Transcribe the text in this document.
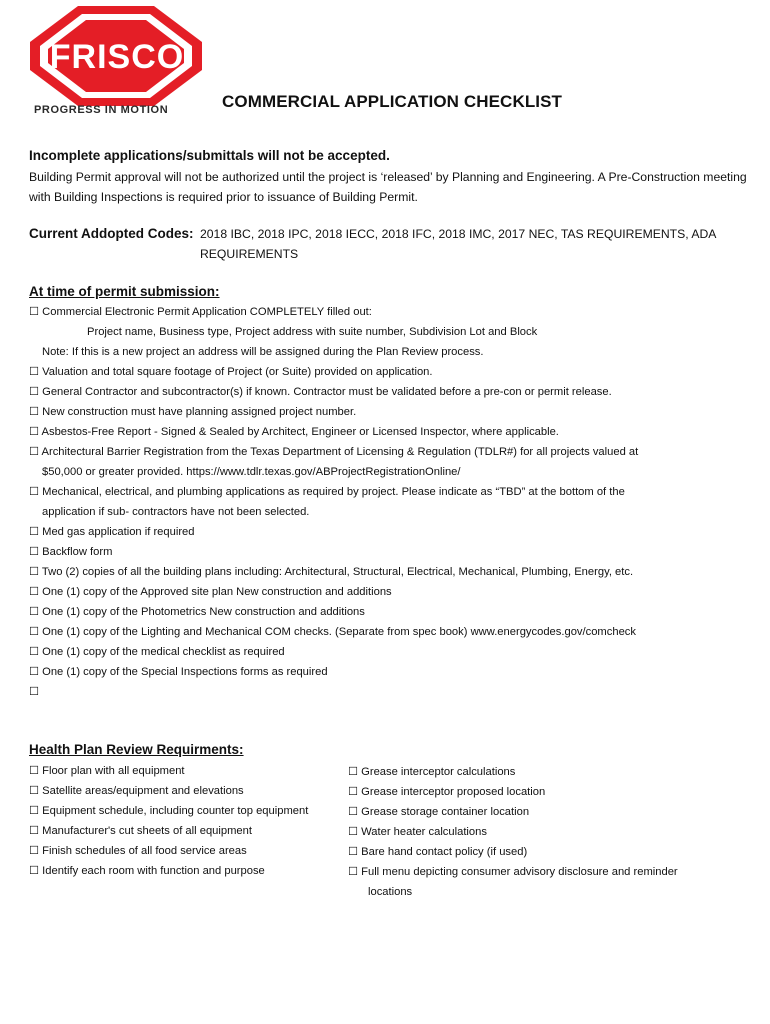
FRISCO
PROGRESS IN MOTION	COMMERCIAL APPLICATION CHECKLIST
Incomplete applications/submittals will not be accepted.
Building Permit approval will not be authorized until the project is ‘released’ by Planning and Engineering. A Pre-Construction meeting with Building Inspections is required prior to issuance of Building Permit.
Current Addopted Codes: 2018 IBC, 2018 IPC, 2018 IECC, 2018 IFC, 2018 IMC, 2017 NEC, TAS REQUIREMENTS, ADA REQUIREMENTS
At time of permit submission:
☐ Commercial Electronic Permit Application COMPLETELY filled out:
Project name, Business type, Project address with suite number, Subdivision Lot and Block
Note: If this is a new project an address will be assigned during the Plan Review process.
☐ Valuation and total square footage of Project (or Suite) provided on application.
☐ General Contractor and subcontractor(s) if known. Contractor must be validated before a pre-con or permit release.
☐ New construction must have planning assigned project number.
☐ Asbestos-Free Report - Signed & Sealed by Architect, Engineer or Licensed Inspector, where applicable.
☐ Architectural Barrier Registration from the Texas Department of Licensing & Regulation (TDLR#) for all projects valued at
$50,000 or greater provided. https://www.tdlr.texas.gov/ABProjectRegistrationOnline/
☐ Mechanical, electrical, and plumbing applications as required by project. Please indicate as “TBD” at the bottom of the
application if sub- contractors have not been selected.
☐ Med gas application if required
☐ Backflow form
☐ Two (2) copies of all the building plans including: Architectural, Structural, Electrical, Mechanical, Plumbing, Energy, etc.
☐ One (1) copy of the Approved site plan New construction and additions
☐ One (1) copy of the Photometrics New construction and additions
☐ One (1) copy of the Lighting and Mechanical COM checks. (Separate from spec book) www.energycodes.gov/comcheck
☐ One (1) copy of the medical checklist as required
☐ One (1) copy of the Special Inspections forms as required
☐
Health Plan Review Requirments:
☐ Floor plan with all equipment
☐ Satellite areas/equipment and elevations
☐ Equipment schedule, including counter top equipment
☐ Manufacturer's cut sheets of all equipment
☐ Finish schedules of all food service areas
☐ Identify each room with function and purpose
☐ Grease interceptor calculations
☐ Grease interceptor proposed location
☐ Grease storage container location
☐ Water heater calculations
☐ Bare hand contact policy (if used)
☐ Full menu depicting consumer advisory disclosure and reminder
locations
